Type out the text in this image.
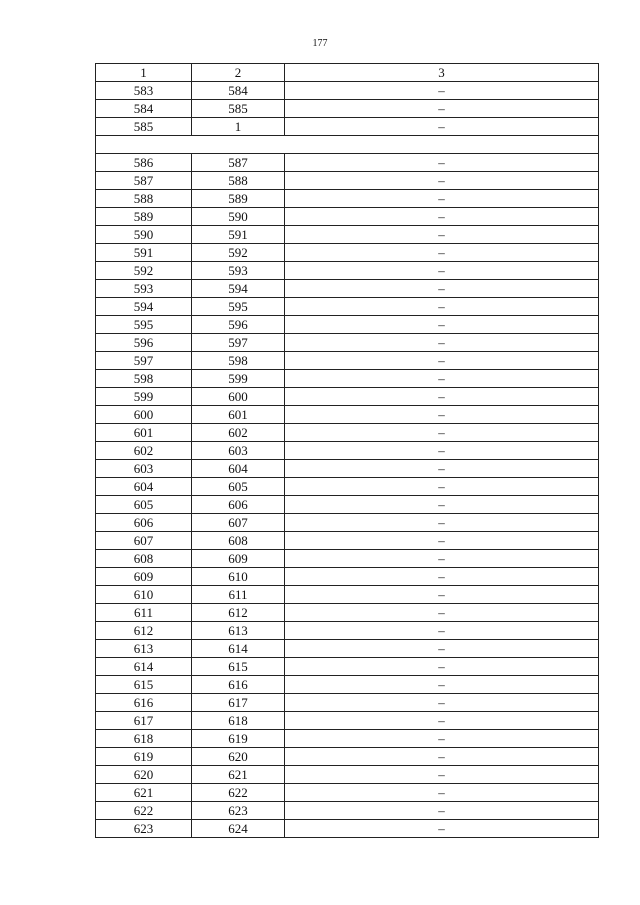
177
1	2	3
583	584	–
584	585	–
585	1	–

586	587	–
587	588	–
588	589	–
589	590	–
590	591	–
591	592	–
592	593	–
593	594	–
594	595	–
595	596	–
596	597	–
597	598	–
598	599	–
599	600	–
600	601	–
601	602	–
602	603	–
603	604	–
604	605	–
605	606	–
606	607	–
607	608	–
608	609	–
609	610	–
610	611	–
611	612	–
612	613	–
613	614	–
614	615	–
615	616	–
616	617	–
617	618	–
618	619	–
619	620	–
620	621	–
621	622	–
622	623	–
623	624	–
